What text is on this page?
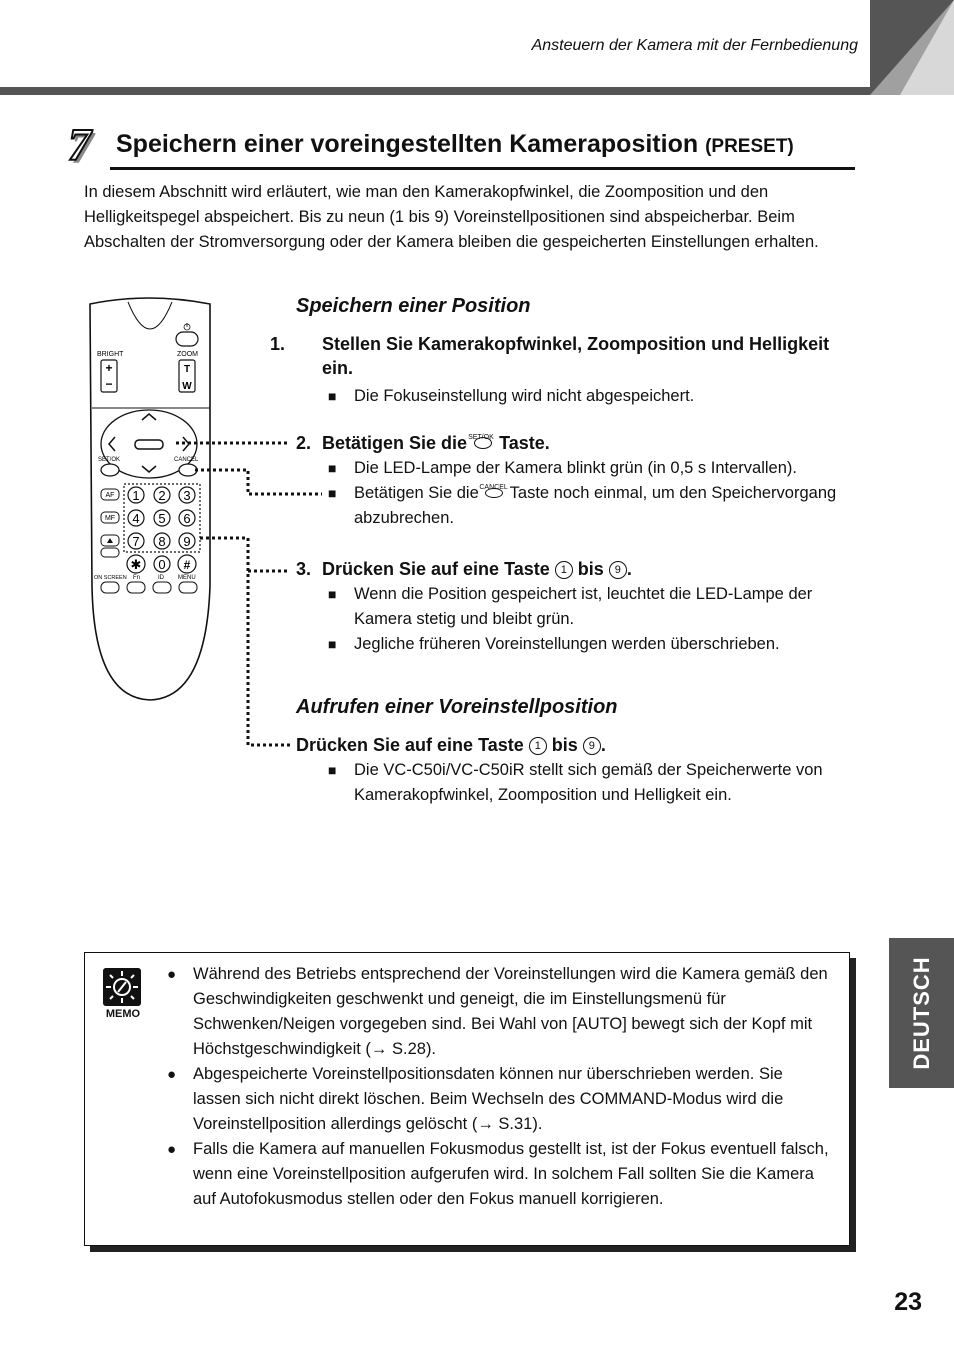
Ansteuern der Kamera mit der Fernbedienung
7 Speichern einer voreingestellten Kameraposition (PRESET)
In diesem Abschnitt wird erläutert, wie man den Kamerakopfwinkel, die Zoomposition und den Helligkeitspegel abspeichert. Bis zu neun (1 bis 9) Voreinstellpositionen sind abspeicherbar. Beim Abschalten der Stromversorgung oder der Kamera bleiben die gespeicherten Einstellungen erhalten.
BRIGHT
+
−
ZOOM
T
W
SET/OK	CANCEL
AF
MF
1 2 3
4 5 6
7 8 9
✱ 0 #
ON SCREEN Fn	ID MENU
Speichern einer Position
1. Stellen Sie Kamerakopfwinkel, Zoomposition und Helligkeit ein.
■ Die Fokuseinstellung wird nicht abgespeichert.
2. Betätigen Sie die SET/OK Taste.
■ Die LED-Lampe der Kamera blinkt grün (in 0,5 s Intervallen).
■ Betätigen Sie die CANCEL Taste noch einmal, um den Speichervorgang abzubrechen.
3. Drücken Sie auf eine Taste 1 bis 9 .
■ Wenn die Position gespeichert ist, leuchtet die LED-Lampe der Kamera stetig und bleibt grün.
■ Jegliche früheren Voreinstellungen werden überschrieben.
Aufrufen einer Voreinstellposition
Drücken Sie auf eine Taste 1 bis 9 .
■ Die VC-C50i/VC-C50iR stellt sich gemäß der Speicherwerte von Kamerakopfwinkel, Zoomposition und Helligkeit ein.
MEMO
● Während des Betriebs entsprechend der Voreinstellungen wird die Kamera gemäß den Geschwindigkeiten geschwenkt und geneigt, die im Einstellungsmenü für Schwenken/Neigen vorgegeben sind. Bei Wahl von [AUTO] bewegt sich der Kopf mit Höchstgeschwindigkeit (→ S.28).
● Abgespeicherte Voreinstellpositionsdaten können nur überschrieben werden. Sie lassen sich nicht direkt löschen. Beim Wechseln des COMMAND-Modus wird die Voreinstellposition allerdings gelöscht (→ S.31).
● Falls die Kamera auf manuellen Fokusmodus gestellt ist, ist der Fokus eventuell falsch, wenn eine Voreinstellposition aufgerufen wird. In solchem Fall sollten Sie die Kamera auf Autofokusmodus stellen oder den Fokus manuell korrigieren.
DEUTSCH
23
